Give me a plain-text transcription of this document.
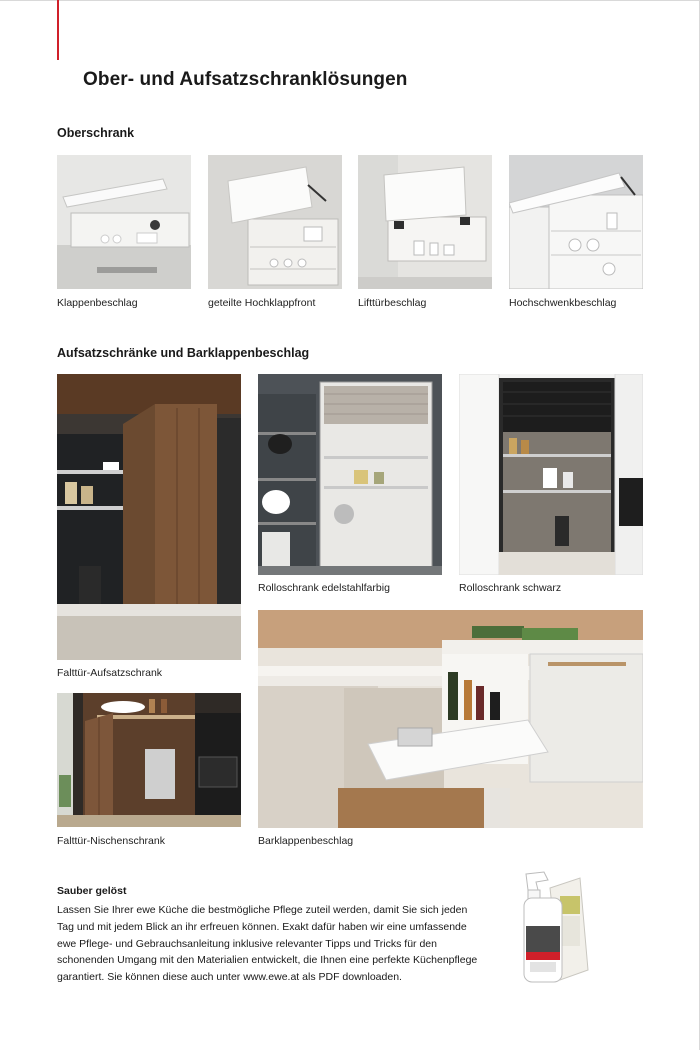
Ober- und Aufsatzschranklösungen
Oberschrank
Klappenbeschlag	geteilte Hochklappfront	Lifttürbeschlag	Hochschwenkbeschlag
Aufsatzschränke und Barklappenbeschlag
Falttür-Aufsatzschrank
Rolloschrank edelstahlfarbig	Rolloschrank schwarz
Falttür-Nischenschrank	Barklappenbeschlag
Sauber gelöst

Lassen Sie Ihrer ewe Küche die bestmögliche Pflege zuteil werden, damit Sie sich jeden

Tag und mit jedem Blick an ihr erfreuen können. Exakt dafür haben wir eine umfassende

ewe Pflege- und Gebrauchsanleitung inklusive relevanter Tipps und Tricks für den

schonenden Umgang mit den Materialien entwickelt, die Ihnen eine perfekte Küchenpflege

garantiert. Sie können diese auch unter www.ewe.at als PDF downloaden.
